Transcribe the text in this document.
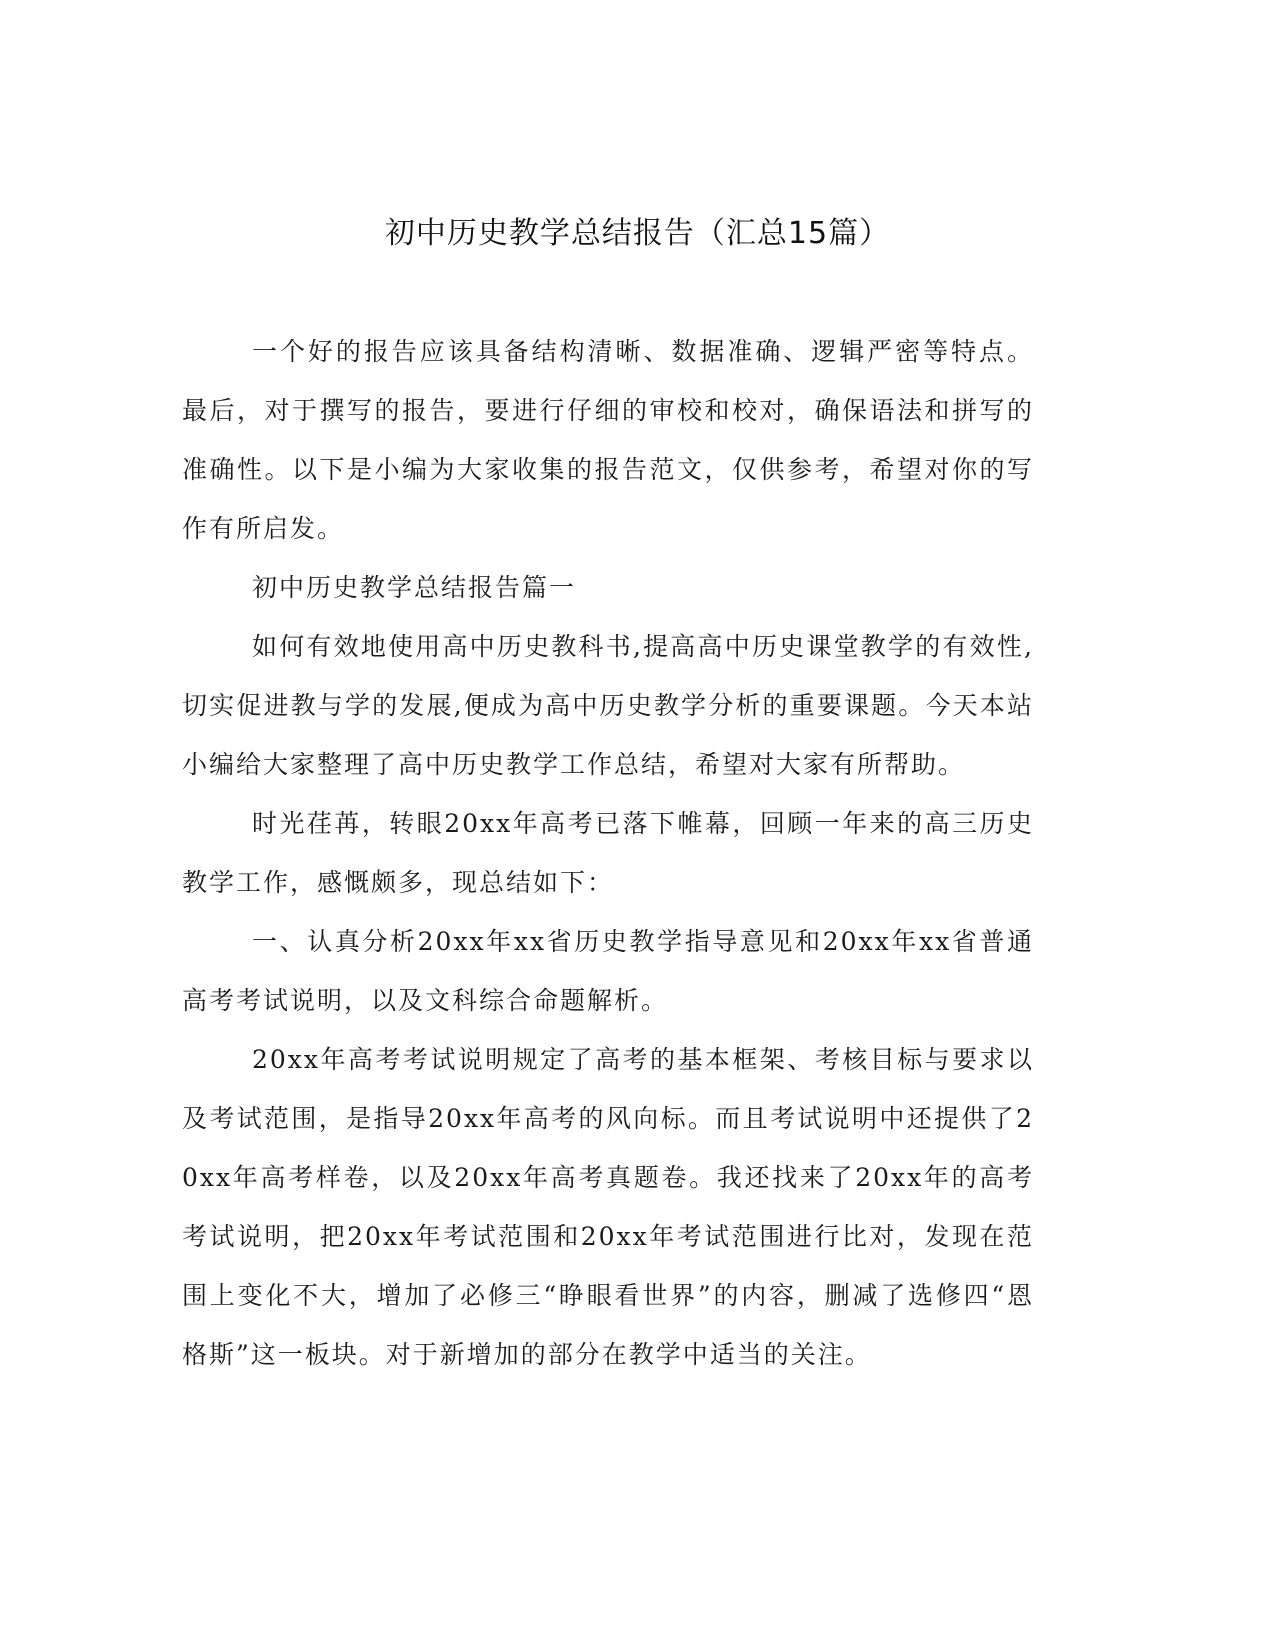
初中历史教学总结报告（汇总15篇）

一个好的报告应该具备结构清晰、数据准确、逻辑严密等特点。最后，对于撰写的报告，要进行仔细的审校和校对，确保语法和拼写的准确性。以下是小编为大家收集的报告范文，仅供参考，希望对你的写作有所启发。

初中历史教学总结报告篇一

如何有效地使用高中历史教科书,提高高中历史课堂教学的有效性,切实促进教与学的发展,便成为高中历史教学分析的重要课题。今天本站小编给大家整理了高中历史教学工作总结，希望对大家有所帮助。

时光荏苒，转眼20xx年高考已落下帷幕，回顾一年来的高三历史教学工作，感慨颇多，现总结如下：

一、认真分析20xx年xx省历史教学指导意见和20xx年xx省普通高考考试说明，以及文科综合命题解析。

20xx年高考考试说明规定了高考的基本框架、考核目标与要求以及考试范围，是指导20xx年高考的风向标。而且考试说明中还提供了20xx年高考样卷，以及20xx年高考真题卷。我还找来了20xx年的高考考试说明，把20xx年考试范围和20xx年考试范围进行比对，发现在范围上变化不大，增加了必修三“睁眼看世界”的内容，删减了选修四“恩格斯”这一板块。对于新增加的部分在教学中适当的关注。
